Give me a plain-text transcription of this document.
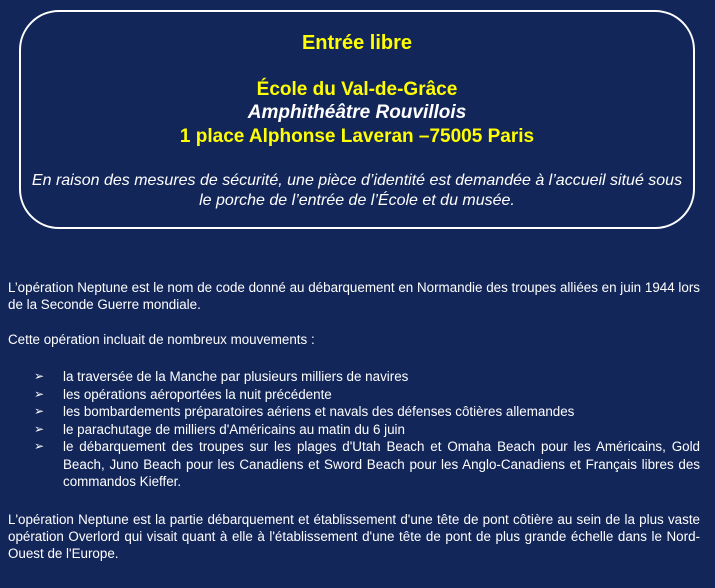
Entrée libre
École du Val-de-Grâce
Amphithéâtre Rouvillois
1 place Alphonse Laveran –75005 Paris
En raison des mesures de sécurité, une pièce d’identité est demandée à l’accueil situé sous le porche de l’entrée de l’École et du musée.
L’opération Neptune est le nom de code donné au débarquement en Normandie des troupes alliées en juin 1944 lors de la Seconde Guerre mondiale.
Cette opération incluait de nombreux mouvements :
➢ la traversée de la Manche par plusieurs milliers de navires
➢ les opérations aéroportées la nuit précédente
➢ les bombardements préparatoires aériens et navals des défenses côtières allemandes
➢ le parachutage de milliers d'Américains au matin du 6 juin
➢ le débarquement des troupes sur les plages d'Utah Beach et Omaha Beach pour les Américains, Gold Beach, Juno Beach pour les Canadiens et Sword Beach pour les Anglo-Canadiens et Français libres des commandos Kieffer.
L'opération Neptune est la partie débarquement et établissement d'une tête de pont côtière au sein de la plus vaste opération Overlord qui visait quant à elle à l'établissement d'une tête de pont de plus grande échelle dans le Nord-Ouest de l'Europe.
